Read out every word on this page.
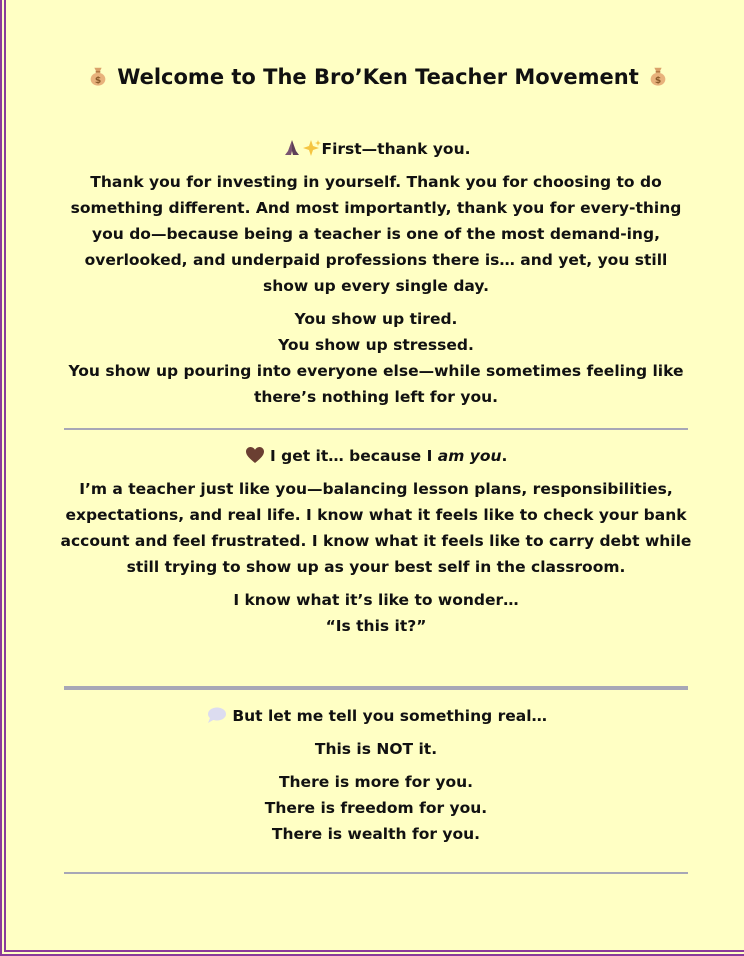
$ Welcome to The Bro’Ken Teacher Movement $

First—thank you.

Thank you for investing in yourself. Thank you for choosing to do something different. And most importantly, thank you for every-thing you do—because being a teacher is one of the most demand-ing, overlooked, and underpaid professions there is… and yet, you still show up every single day.

You show up tired.

You show up stressed.

You show up pouring into everyone else—while sometimes feeling like there’s nothing left for you.

I get it… because I am you.

I’m a teacher just like you—balancing lesson plans, responsibilities, expectations, and real life. I know what it feels like to check your bank account and feel frustrated. I know what it feels like to carry debt while still trying to show up as your best self in the classroom.

I know what it’s like to wonder…

“Is this it?”

But let me tell you something real…

This is NOT it.

There is more for you.

There is freedom for you.

There is wealth for you.
